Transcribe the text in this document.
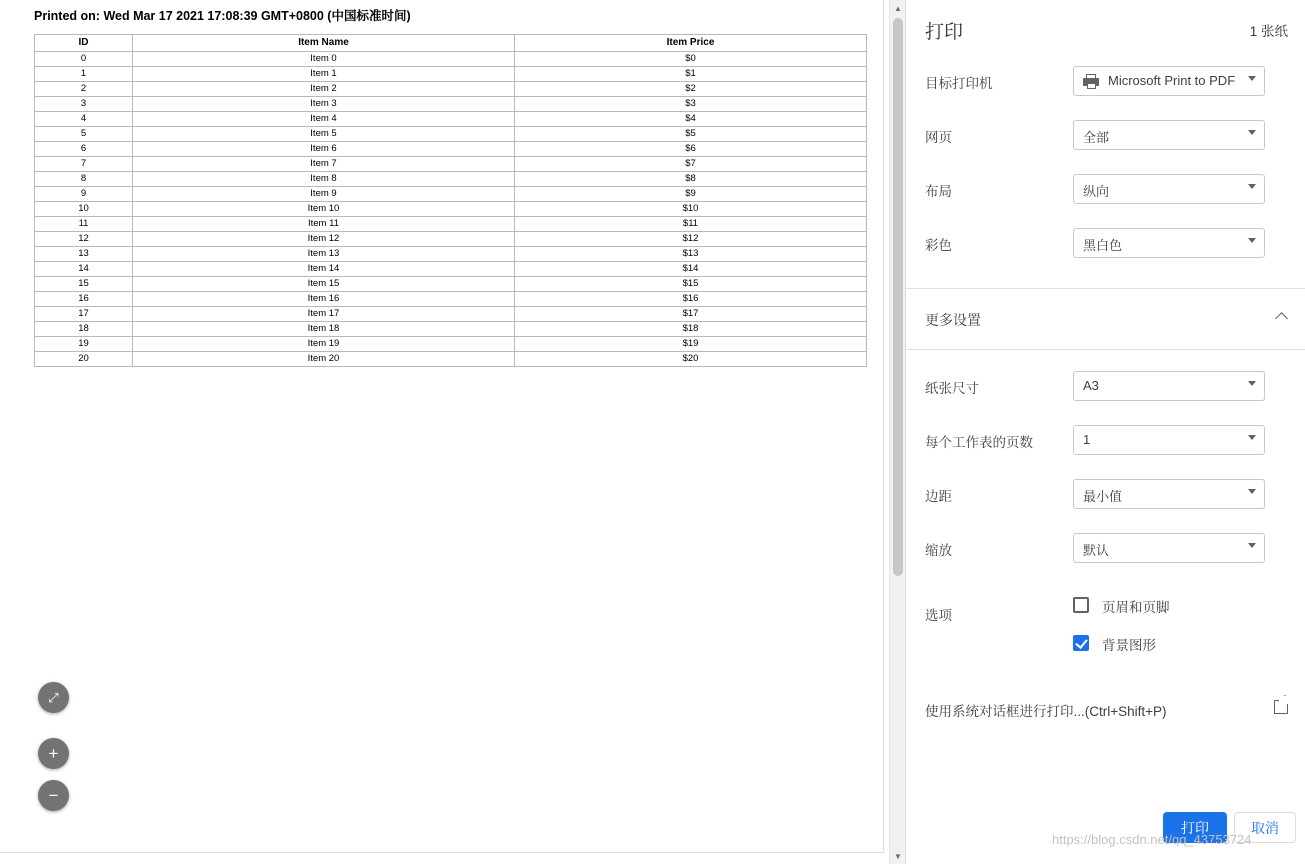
Printed on: Wed Mar 17 2021 17:08:39 GMT+0800 (中国标准时间)
ID	Item Name	Item Price
0	Item 0	$0
1	Item 1	$1
2	Item 2	$2
3	Item 3	$3
4	Item 4	$4
5	Item 5	$5
6	Item 6	$6
7	Item 7	$7
8	Item 8	$8
9	Item 9	$9
10	Item 10	$10
11	Item 11	$11
12	Item 12	$12
13	Item 13	$13
14	Item 14	$14
15	Item 15	$15
16	Item 16	$16
17	Item 17	$17
18	Item 18	$18
19	Item 19	$19
20	Item 20	$20
⤢
+
−
▲
▼
打印	1 张纸
目标打印机	Microsoft Print to PDF
网页	全部
布局	纵向
彩色	黑白色
更多设置
纸张尺寸	A3
每个工作表的页数	1
边距	最小值
缩放	默认
选项
页眉和页脚
背景图形
使用系统对话框进行打印...(Ctrl+Shift+P)
打印	取消
https://blog.csdn.net/qq_43753724
